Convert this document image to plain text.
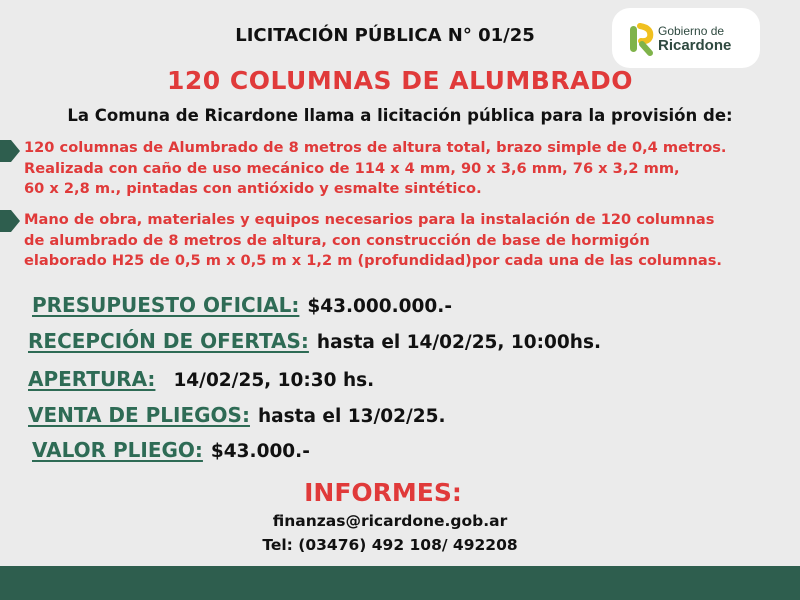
LICITACIÓN PÚBLICA N° 01/25	Gobierno de
Ricardone
120 COLUMNAS DE ALUMBRADO
La Comuna de Ricardone llama a licitación pública para la provisión de:
120 columnas de Alumbrado de 8 metros de altura total, brazo simple de 0,4 metros.
Realizada con caño de uso mecánico de 114 x 4 mm, 90 x 3,6 mm, 76 x 3,2 mm,
60 x 2,8 m., pintadas con antióxido y esmalte sintético.
Mano de obra, materiales y equipos necesarios para la instalación de 120 columnas
de alumbrado de 8 metros de altura, con construcción de base de hormigón
elaborado H25 de 0,5 m x 0,5 m x 1,2 m (profundidad)por cada una de las columnas.
PRESUPUESTO OFICIAL: $43.000.000.-
RECEPCIÓN DE OFERTAS: hasta el 14/02/25, 10:00hs.
APERTURA: 14/02/25, 10:30 hs.
VENTA DE PLIEGOS: hasta el 13/02/25.
VALOR PLIEGO: $43.000.-
INFORMES:
finanzas@ricardone.gob.ar
Tel: (03476) 492 108/ 492208
